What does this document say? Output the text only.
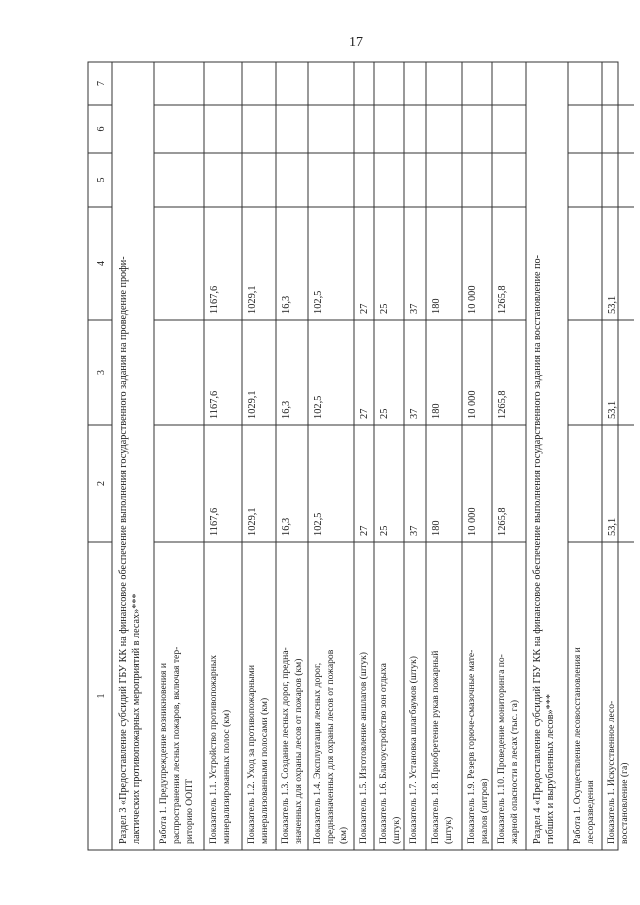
17
1
2
3
4
5
6
7
Раздел 3 «Предоставление субсидий ГБУ КК на финансовое обеспечение выполнения государственного задания на проведение профи- лактических противопожарных мероприятий в лесах»*** Работа 1. Предупреждение возникновения и распространения лесных пожаров, включая тер- риторию ООПТ Показатель 1.1. Устройство противопожарных минерализированных полос (км)
1167,6
1167,6
1167,6
Показатель 1.2. Уход за противопожарными минерализованными полосами (км)
1029,1
1029,1
1029,1
Показатель 1.3. Создание лесных дорог, предна- значенных для охраны лесов от пожаров (км)
16,3
16,3
16,3
Показатель 1.4. Эксплуатация лесных дорог, предназначенных для охраны лесов от пожаров (км)
102,5
102,5
102,5
Показатель 1.5. Изготовление аншлагов (штук)
27
27
27
Показатель 1.6. Благоустройство зон отдыха (штук)
25
25
25
Показатель 1.7. Установка шлагбаумов (штук)
37
37
37
Показатель 1.8. Приобретение рукав пожарный (штук)
180
180
180
Показатель 1.9. Резерв горюче-смазочные мате- риалов (литров)
10 000
10 000
10 000
Показатель 1.10. Проведение мониторинга по- жарной опасности в лесах (тыс. га)
1265,8
1265,8
1265,8 Раздел 4 «Предоставление субсидий ГБУ КК на финансовое обеспечение выполнения государственного задания на восстановление по- гибших и вырубленных лесов»*** Работа 1. Осуществление лесовосстановления и лесоразведения Показатель 1. Искусственное лесо- восстановление (га)
53,1
53,1
53,1
